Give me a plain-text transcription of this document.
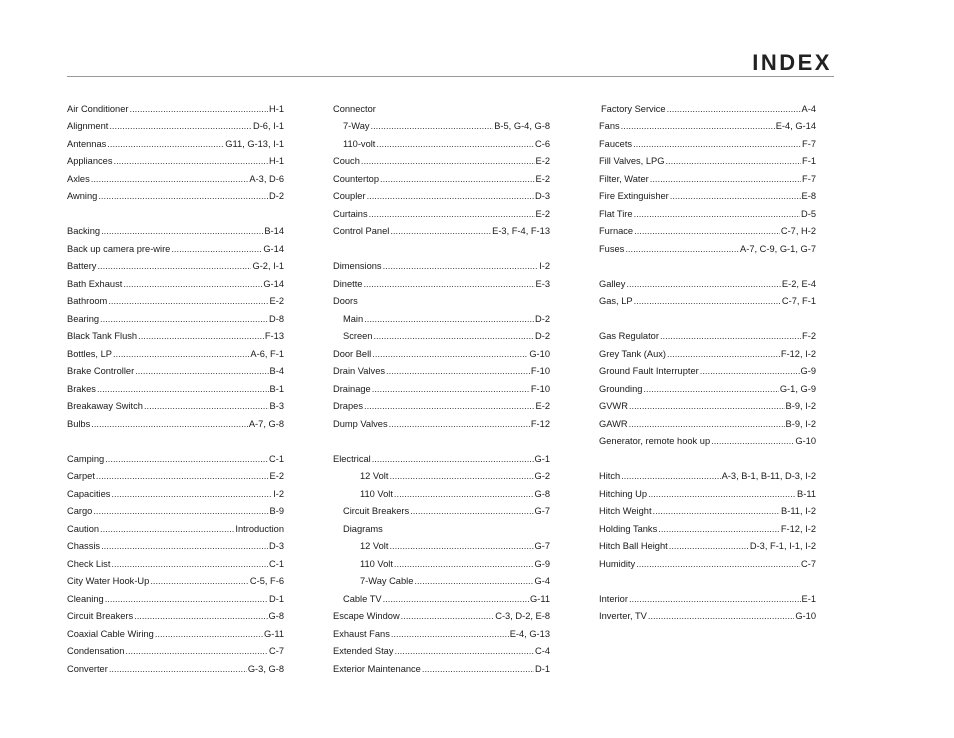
INDEX
Air Conditioner .....	H-1
Alignment .....	D-6, I-1
Antennas .....	G11, G-13, I-1
Appliances .....	H-1
Axles .....	A-3, D-6
Awning .....	D-2
Backing .....	B-14
Back up camera pre-wire .....	G-14
Battery .....	G-2, I-1
Bath Exhaust .....	G-14
Bathroom .....	E-2
Bearing .....	D-8
Black Tank Flush .....	F-13
Bottles, LP .....	A-6, F-1
Brake Controller .....	B-4
Brakes .....	B-1
Breakaway Switch .....	B-3
Bulbs .....	A-7, G-8
Camping .....	C-1
Carpet .....	E-2
Capacities .....	I-2
Cargo .....	B-9
Caution .....	Introduction
Chassis .....	D-3
Check List .....	C-1
City Water Hook-Up .....	C-5, F-6
Cleaning .....	D-1
Circuit Breakers .....	G-8
Coaxial Cable Wiring .....	G-11
Condensation .....	C-7
Converter .....	G-3, G-8
Connector
7-Way .....	B-5, G-4, G-8
110-volt .....	C-6
Couch .....	E-2
Countertop .....	E-2
Coupler .....	D-3
Curtains .....	E-2
Control Panel .....	E-3, F-4, F-13
Dimensions .....	I-2
Dinette .....	E-3
Doors
Main .....	D-2
Screen .....	D-2
Door Bell .....	G-10
Drain Valves .....	F-10
Drainage .....	F-10
Drapes .....	E-2
Dump Valves .....	F-12
Electrical .....	G-1
12 Volt .....	G-2
110 Volt .....	G-8
Circuit Breakers .....	G-7
Diagrams
12 Volt .....	G-7
110 Volt .....	G-9
7-Way Cable .....	G-4
Cable TV .....	G-11
Escape Window .....	C-3, D-2, E-8
Exhaust Fans .....	E-4, G-13
Extended Stay .....	C-4
Exterior Maintenance .....	D-1
Factory Service .....	A-4
Fans .....	E-4, G-14
Faucets .....	F-7
Fill Valves, LPG .....	F-1
Filter, Water .....	F-7
Fire Extinguisher .....	E-8
Flat Tire .....	D-5
Furnace .....	C-7, H-2
Fuses .....	A-7, C-9, G-1, G-7
Galley .....	E-2, E-4
Gas, LP .....	C-7, F-1
Gas Regulator .....	F-2
Grey Tank (Aux) .....	F-12, I-2
Ground Fault Interrupter .....	G-9
Grounding .....	G-1, G-9
GVWR .....	B-9, I-2
GAWR .....	B-9, I-2
Generator, remote hook up .....	G-10
Hitch .....	A-3, B-1, B-11, D-3, I-2
Hitching Up .....	B-11
Hitch Weight .....	B-11, I-2
Holding Tanks .....	F-12, I-2
Hitch Ball Height .....	D-3, F-1, I-1, I-2
Humidity .....	C-7
Interior .....	E-1
Inverter, TV .....	G-10
